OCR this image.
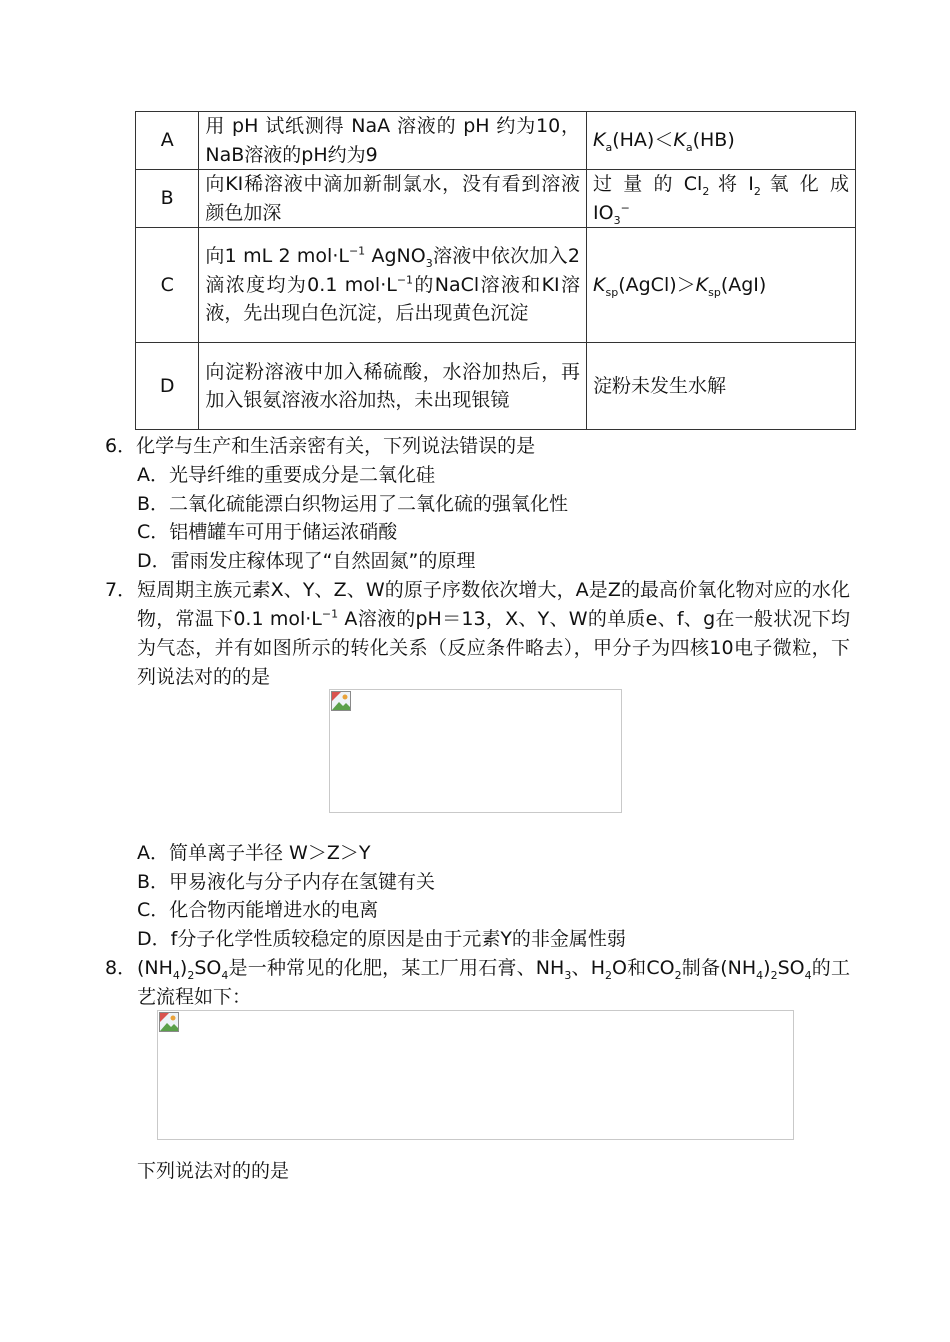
A	用 pH 试纸测得 NaA 溶液的 pH 约为10，NaB溶液的pH约为9	$K_a(HA)<K_a(HB)$
B	向KI稀溶液中滴加新制氯水，没有看到溶液颜色加深	过 量 的 $Cl_2$ 将 $I_2$ 氧 化 成 $IO_3^-$
C	向1 mL 2 $mol\cdot L^{-1}$ AgNO$_3$溶液中依次加入2滴浓度均为0.1 $mol\cdot L^{-1}$的NaCl溶液和KI溶液，先出现白色沉淀，后出现黄色沉淀	$K_{sp}(AgCl)>K_{sp}(AgI)$
D	向淀粉溶液中加入稀硫酸，水浴加热后，再加入银氨溶液水浴加热，未出现银镜	淀粉未发生水解
6．化学与生产和生活亲密有关，下列说法错误的是
A．光导纤维的重要成分是二氧化硅
B．二氧化硫能漂白织物运用了二氧化硫的强氧化性
C．铝槽罐车可用于储运浓硝酸
D．雷雨发庄稼体现了“自然固氮”的原理
7． 短周期主族元素X、Y、Z、W的原子序数依次增大，A是Z的最高价氧化物对应的水化物，常温下0.1 $mol\cdot L^{-1}$ A溶液的pH＝13，X、Y、W的单质e、f、g在一般状况下均为气态，并有如图所示的转化关系（反应条件略去），甲分子为四核10电子微粒，下列说法对的的是
A．简单离子半径 W＞Z＞Y
B．甲易液化与分子内存在氢键有关
C．化合物丙能增进水的电离
D．f分子化学性质较稳定的原因是由于元素Y的非金属性弱
8． $(NH_4)_2SO_4$是一种常见的化肥，某工厂用石膏、$NH_3$、$H_2O$和$CO_2$制备$(NH_4)_2SO_4$的工艺流程如下：
下列说法对的的是
